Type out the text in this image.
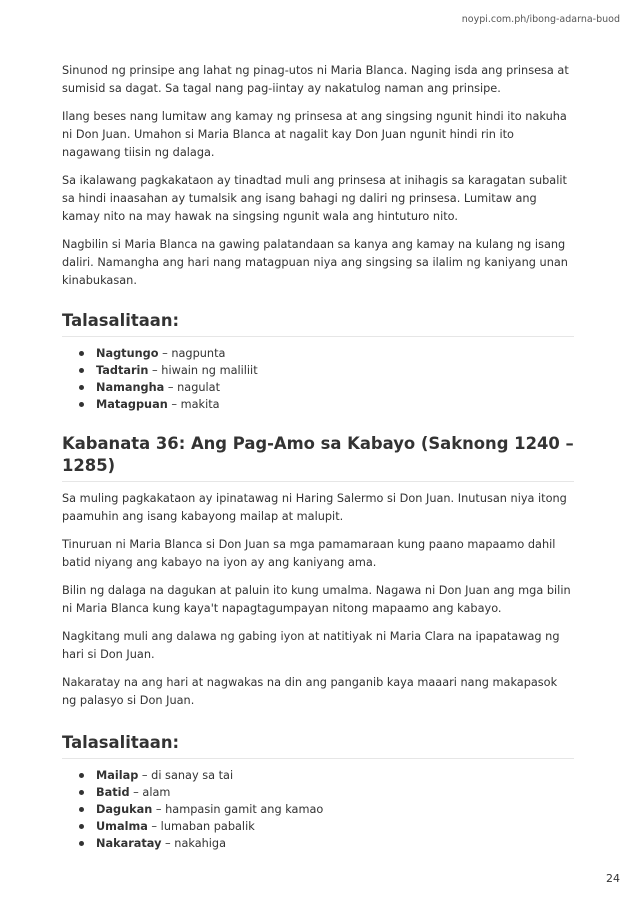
noypi.com.ph/ibong-adarna-buod

Sinunod ng prinsipe ang lahat ng pinag-utos ni Maria Blanca. Naging isda ang prinsesa at sumisid sa dagat. Sa tagal nang pag-iintay ay nakatulog naman ang prinsipe.

Ilang beses nang lumitaw ang kamay ng prinsesa at ang singsing ngunit hindi ito nakuha ni Don Juan. Umahon si Maria Blanca at nagalit kay Don Juan ngunit hindi rin ito nagawang tiisin ng dalaga.

Sa ikalawang pagkakataon ay tinadtad muli ang prinsesa at inihagis sa karagatan subalit sa hindi inaasahan ay tumalsik ang isang bahagi ng daliri ng prinsesa. Lumitaw ang kamay nito na may hawak na singsing ngunit wala ang hintuturo nito.

Nagbilin si Maria Blanca na gawing palatandaan sa kanya ang kamay na kulang ng isang daliri. Namangha ang hari nang matagpuan niya ang singsing sa ilalim ng kaniyang unan kinabukasan.

Talasalitaan:
Nagtungo – nagpunta
Tadtarin – hiwain ng maliliit
Namangha – nagulat
Matagpuan – makita
Kabanata 36: Ang Pag-Amo sa Kabayo (Saknong 1240 – 1285)

Sa muling pagkakataon ay ipinatawag ni Haring Salermo si Don Juan. Inutusan niya itong paamuhin ang isang kabayong mailap at malupit.

Tinuruan ni Maria Blanca si Don Juan sa mga pamamaraan kung paano mapaamo dahil batid niyang ang kabayo na iyon ay ang kaniyang ama.

Bilin ng dalaga na dagukan at paluin ito kung umalma. Nagawa ni Don Juan ang mga bilin ni Maria Blanca kung kaya't napagtagumpayan nitong mapaamo ang kabayo.

Nagkitang muli ang dalawa ng gabing iyon at natitiyak ni Maria Clara na ipapatawag ng hari si Don Juan.

Nakaratay na ang hari at nagwakas na din ang panganib kaya maaari nang makapasok ng palasyo si Don Juan.

Talasalitaan:
Mailap – di sanay sa tai
Batid – alam
Dagukan – hampasin gamit ang kamao
Umalma – lumaban pabalik
Nakaratay – nakahiga

24
